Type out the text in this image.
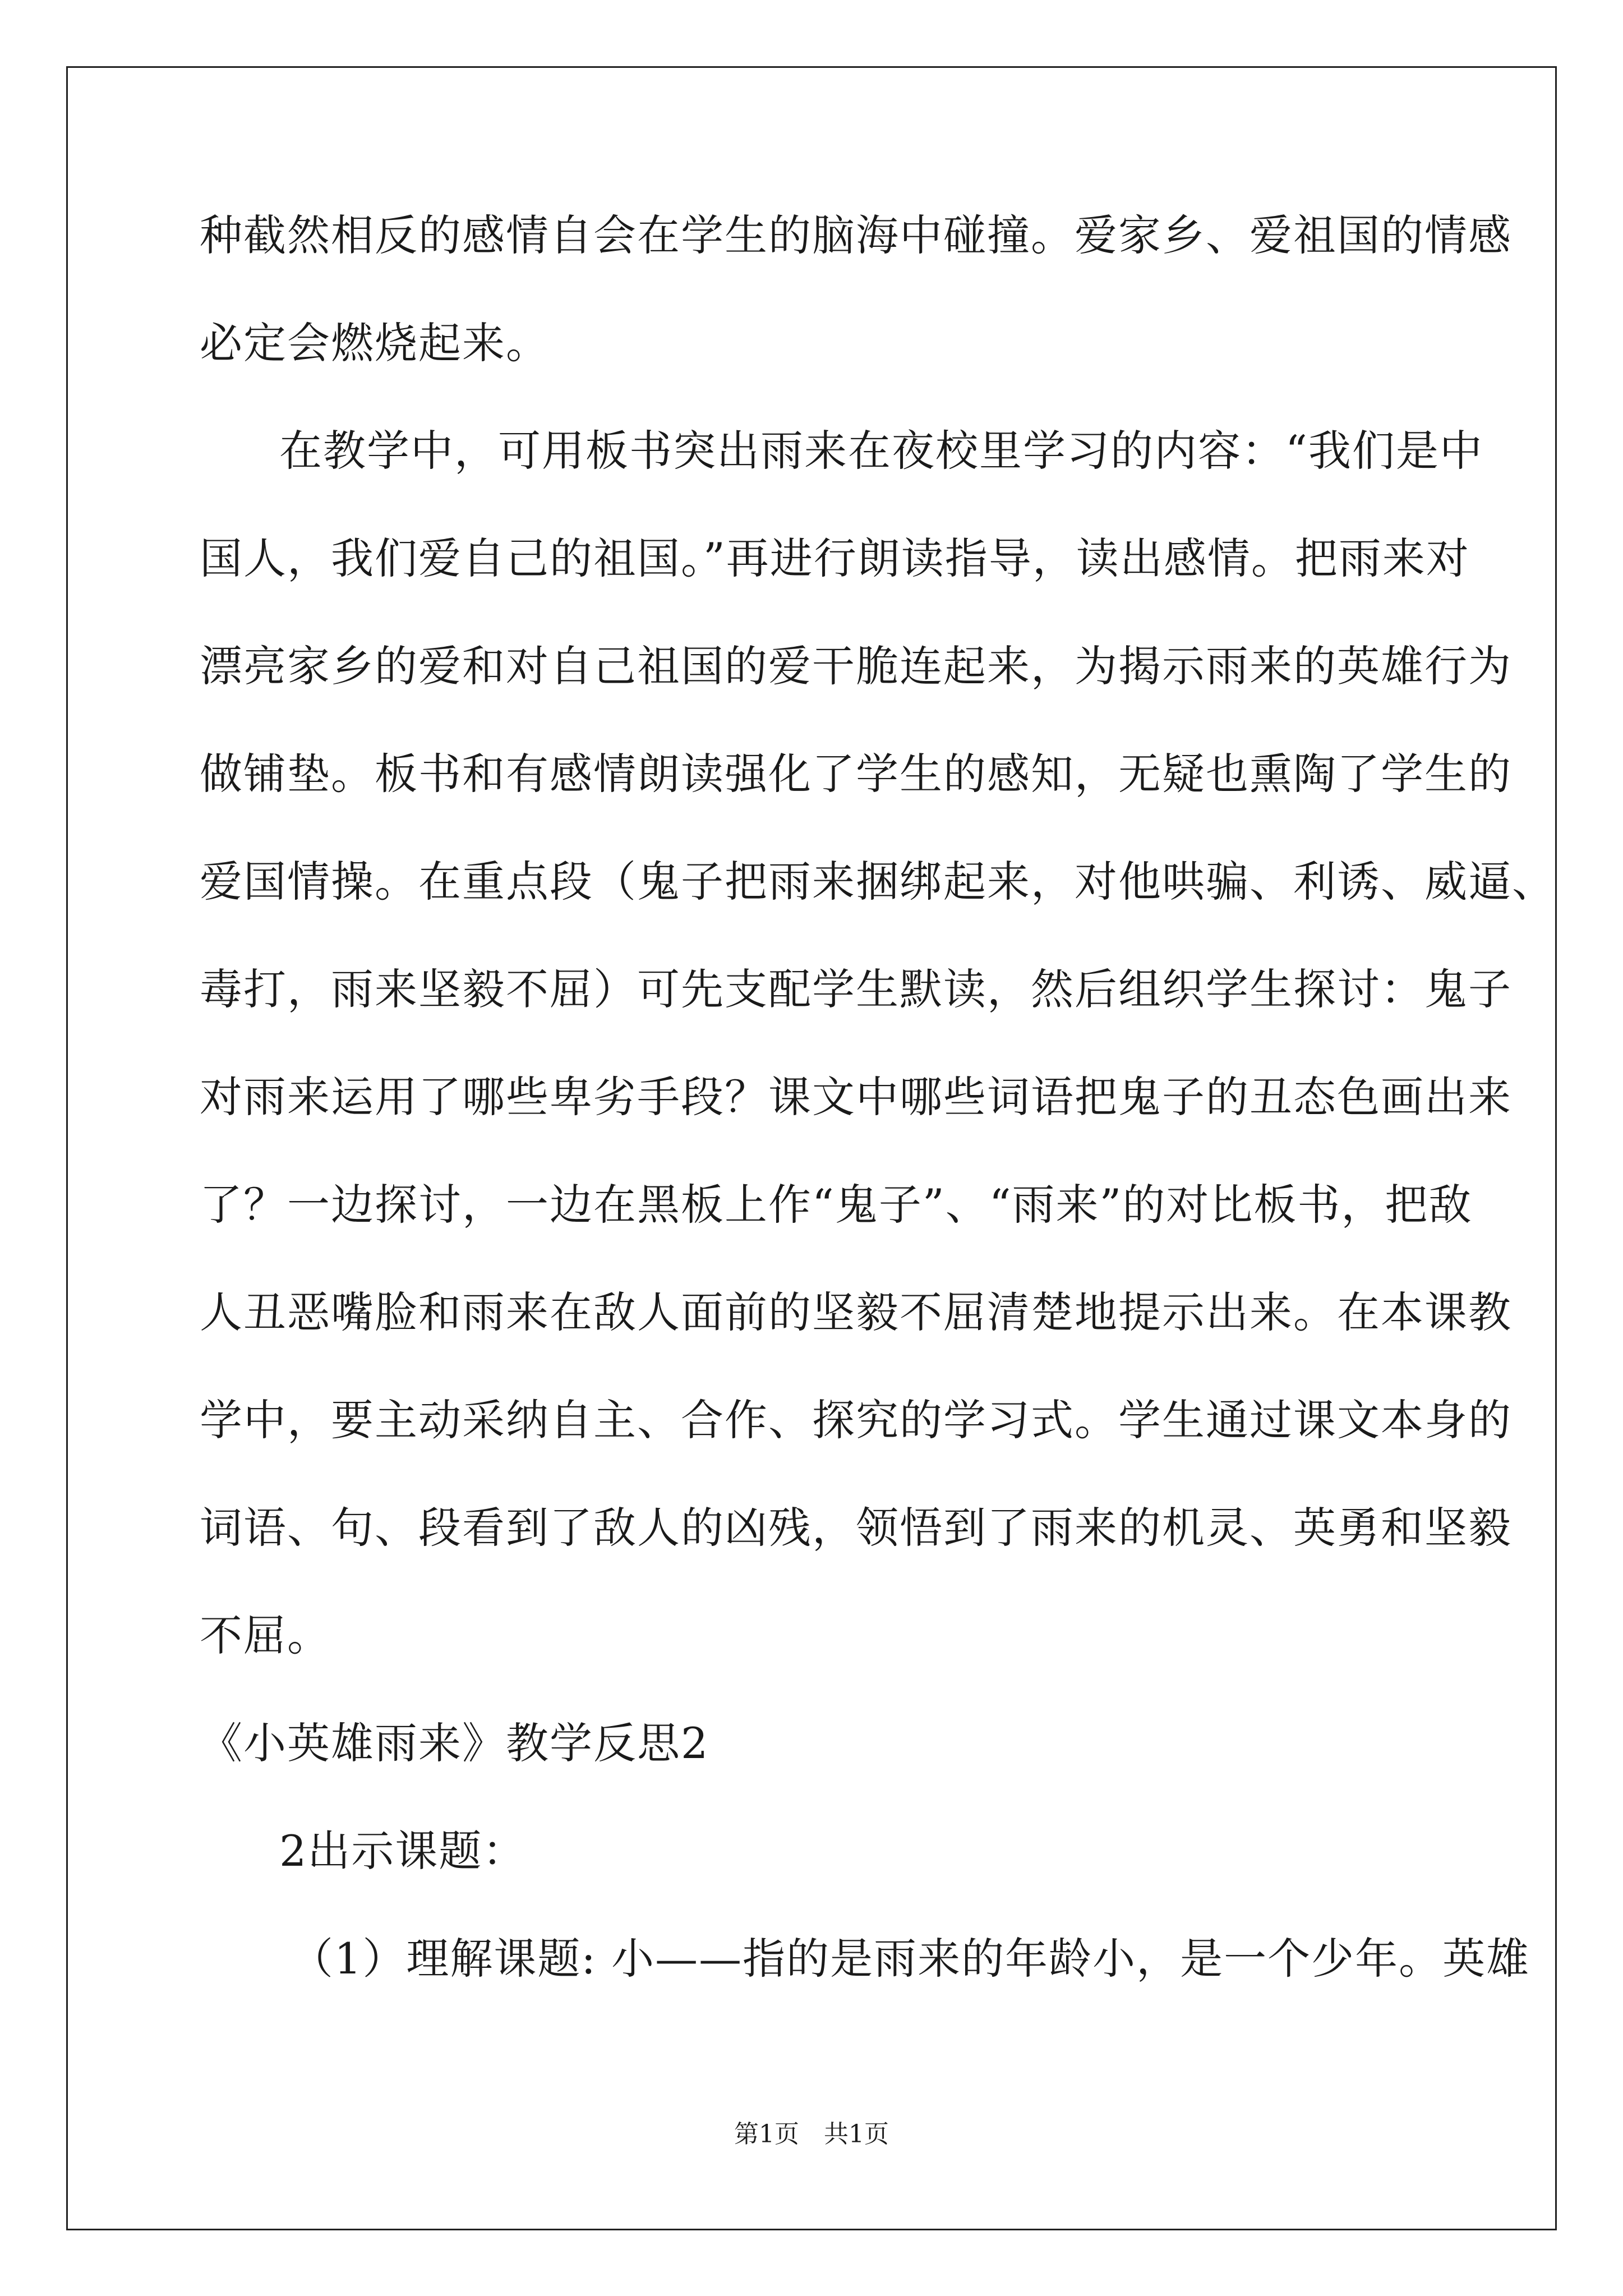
种截然相反的感情自会在学生的脑海中碰撞。爱家乡、爱祖国的情感
必定会燃烧起来。
在教学中，可用板书突出雨来在夜校里学习的内容：“我们是中
国人，我们爱自己的祖国。”再进行朗读指导，读出感情。把雨来对
漂亮家乡的爱和对自己祖国的爱干脆连起来，为揭示雨来的英雄行为
做铺垫。板书和有感情朗读强化了学生的感知，无疑也熏陶了学生的
爱国情操。在重点段（鬼子把雨来捆绑起来，对他哄骗、利诱、威逼、
毒打，雨来坚毅不屈）可先支配学生默读，然后组织学生探讨：鬼子
对雨来运用了哪些卑劣手段？课文中哪些词语把鬼子的丑态色画出来
了？一边探讨，一边在黑板上作“鬼子”、“雨来”的对比板书，把敌
人丑恶嘴脸和雨来在敌人面前的坚毅不屈清楚地提示出来。在本课教
学中，要主动采纳自主、合作、探究的学习式。学生通过课文本身的
词语、句、段看到了敌人的凶残，领悟到了雨来的机灵、英勇和坚毅
不屈。
《小英雄雨来》教学反思2
2出示课题：
（1）理解课题: 小——指的是雨来的年龄小，是一个少年。英雄
第1页　共1页
